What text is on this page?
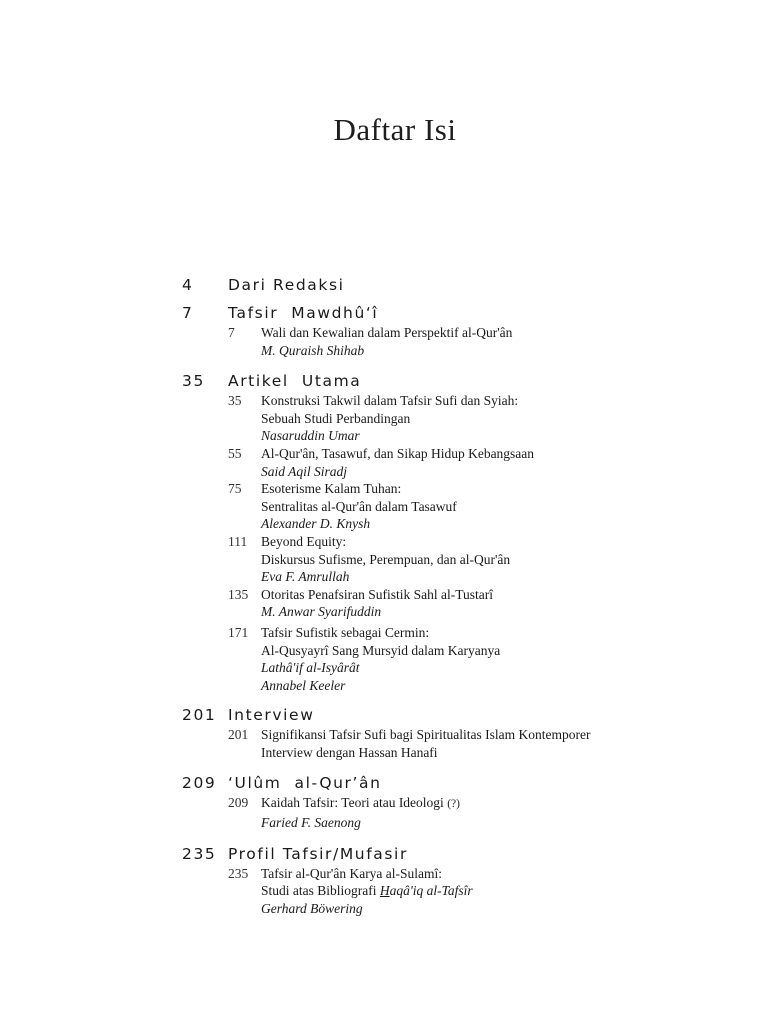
Daftar Isi
4	Dari Redaksi
7	Tafsir  Mawdhû‘î
7	Wali dan Kewalian dalam Perspektif al-Qur'ân
M. Quraish Shihab
35	Artikel  Utama
35	Konstruksi Takwil dalam Tafsir Sufi dan Syiah:
Sebuah Studi Perbandingan
Nasaruddin Umar
55	Al-Qur'ân, Tasawuf, dan Sikap Hidup Kebangsaan
Said Aqil Siradj
75	Esoterisme Kalam Tuhan:
Sentralitas al-Qur'ân dalam Tasawuf
Alexander D. Knysh
111	Beyond Equity:
Diskursus Sufisme, Perempuan, dan al-Qur'ân
Eva F. Amrullah
135 Otoritas Penafsiran Sufistik Sahl al-Tustarî
M. Anwar Syarifuddin
171 Tafsir Sufistik sebagai Cermin:
Al-Qusyayrî Sang Mursyid dalam Karyanya
Lathâ'if al-Isyârât
Annabel Keeler
201 Interview
201 Signifikansi Tafsir Sufi bagi Spiritualitas Islam Kontemporer
Interview dengan Hassan Hanafi
209 ‘Ulûm  al-Qur’ân
209 Kaidah Tafsir: Teori atau Ideologi (?)
Faried F. Saenong
235 Profil Tafsir/Mufasir
235 Tafsir al-Qur'ân Karya al-Sulamî:
Studi atas Bibliografi Haqâ'iq al-Tafsîr
Gerhard Böwering
